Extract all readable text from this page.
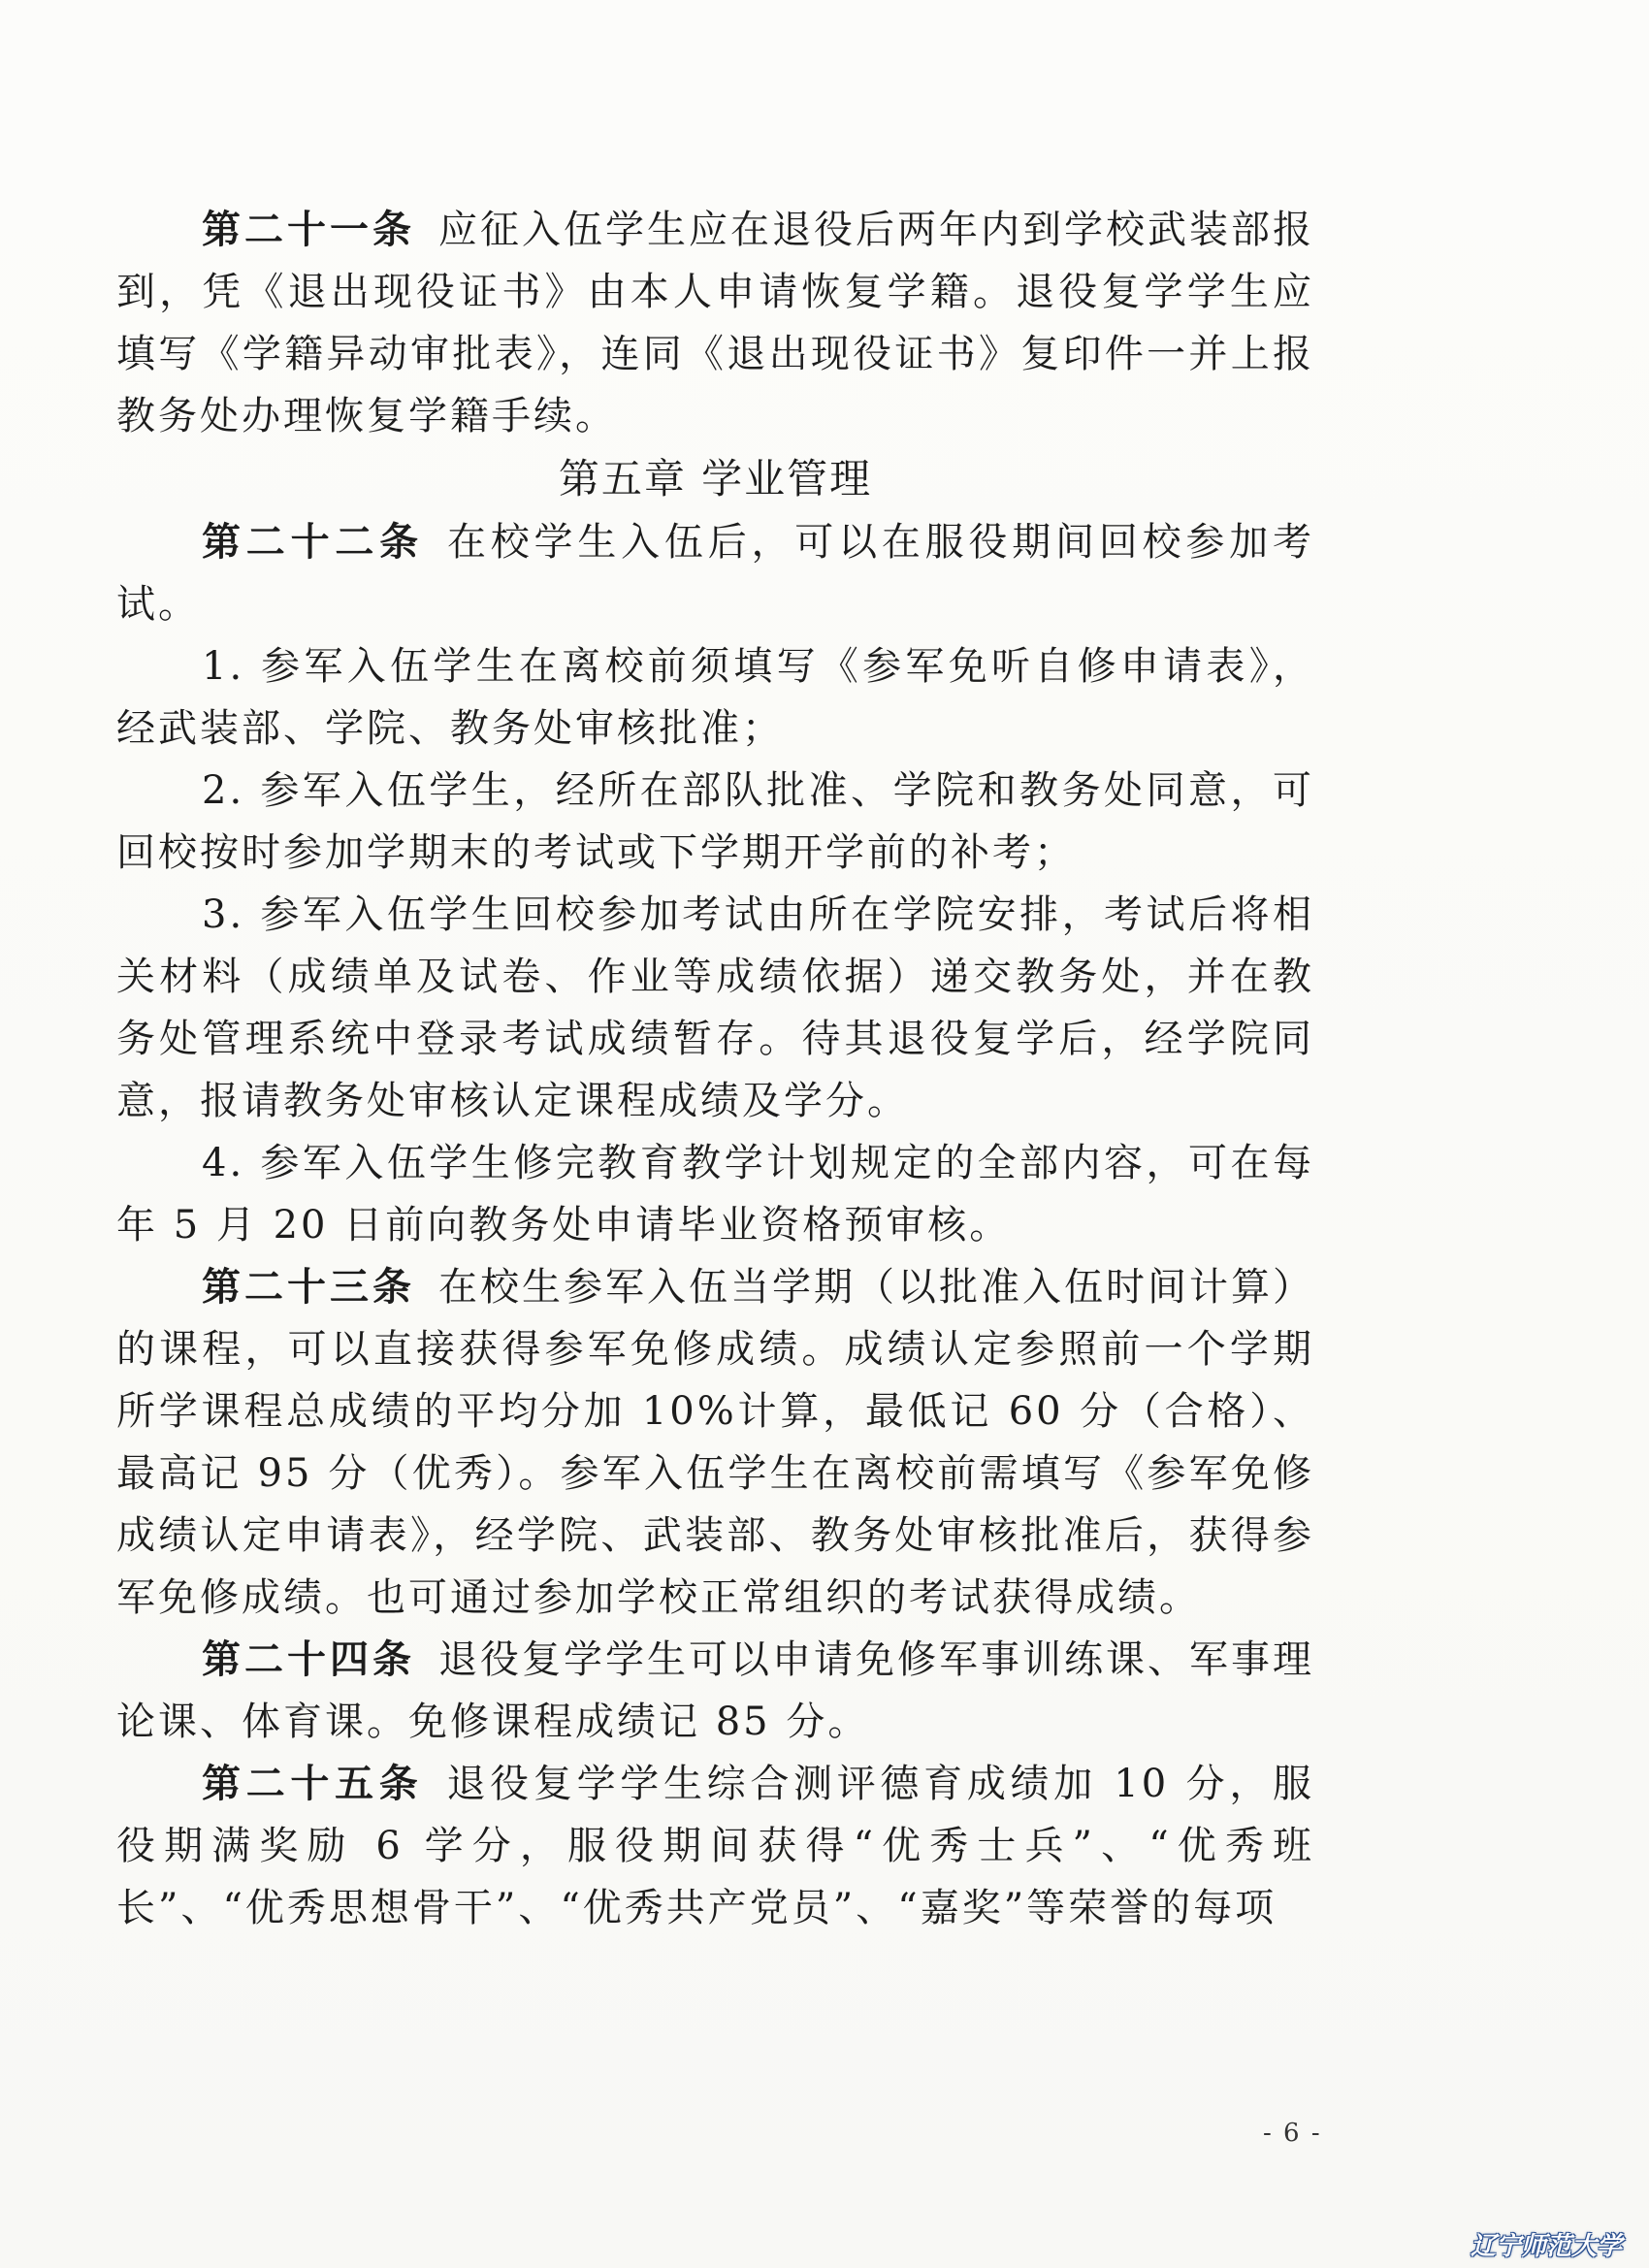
第二十一条 应征入伍学生应在退役后两年内到学校武装部报到，凭《退出现役证书》由本人申请恢复学籍。退役复学学生应填写《学籍异动审批表》，连同《退出现役证书》复印件一并上报教务处办理恢复学籍手续。

第五章 学业管理

第二十二条 在校学生入伍后，可以在服役期间回校参加考试。

1. 参军入伍学生在离校前须填写《参军免听自修申请表》，经武装部、学院、教务处审核批准；

2. 参军入伍学生，经所在部队批准、学院和教务处同意，可回校按时参加学期末的考试或下学期开学前的补考；

3. 参军入伍学生回校参加考试由所在学院安排，考试后将相关材料（成绩单及试卷、作业等成绩依据）递交教务处，并在教务处管理系统中登录考试成绩暂存。待其退役复学后，经学院同意，报请教务处审核认定课程成绩及学分。

4. 参军入伍学生修完教育教学计划规定的全部内容，可在每年 5 月 20 日前向教务处申请毕业资格预审核。

第二十三条 在校生参军入伍当学期（以批准入伍时间计算）的课程，可以直接获得参军免修成绩。成绩认定参照前一个学期所学课程总成绩的平均分加 10%计算，最低记 60 分（合格）、最高记 95 分（优秀）。参军入伍学生在离校前需填写《参军免修成绩认定申请表》，经学院、武装部、教务处审核批准后，获得参军免修成绩。也可通过参加学校正常组织的考试获得成绩。

第二十四条 退役复学学生可以申请免修军事训练课、军事理论课、体育课。免修课程成绩记 85 分。

第二十五条 退役复学学生综合测评德育成绩加 10 分，服役期满奖励 6 学分，服役期间获得“优秀士兵”、“优秀班长”、“优秀思想骨干”、“优秀共产党员”、“嘉奖”等荣誉的每项

- 6 -
辽宁师范大学
